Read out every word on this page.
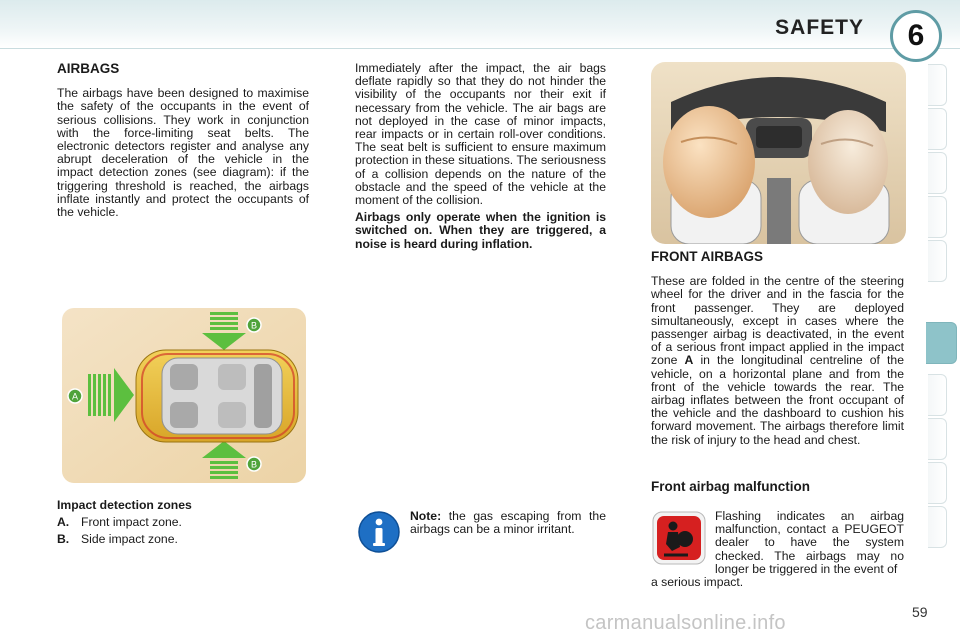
SAFETY	6
AIRBAGS

The airbags have been designed to maximise the safety of the occupants in the event of serious collisions. They work in conjunction with the force-limiting seat belts. The electronic detectors register and analyse any abrupt deceleration of the vehicle in the impact detection zones (see diagram): if the triggering threshold is reached, the airbags inflate instantly and protect the occupants of the vehicle.

A
B
B
Impact detection zones
A. Front impact zone.
B. Side impact zone.

Immediately after the impact, the air bags deflate rapidly so that they do not hinder the visibility of the occupants nor their exit if necessary from the vehicle. The air bags are not deployed in the case of minor impacts, rear impacts or in certain roll-over conditions. The seat belt is sufficient to ensure maximum protection in these situations. The seriousness of a collision depends on the nature of the obstacle and the speed of the vehicle at the moment of the collision.

Airbags only operate when the ignition is switched on. When they are triggered, a noise is heard during inflation.

Note: the gas escaping from the airbags can be a minor irritant.
FRONT AIRBAGS

These are folded in the centre of the steering wheel for the driver and in the fascia for the front passenger. They are deployed simultaneously, except in cases where the passenger airbag is deactivated, in the event of a serious front impact applied in the impact zone A in the longitudinal centreline of the vehicle, on a horizontal plane and from the front of the vehicle towards the rear. The airbag inflates between the front occupant of the vehicle and the dashboard to cushion his forward movement. The airbags therefore limit the risk of injury to the head and chest.

Front airbag malfunction
Flashing indicates an airbag malfunction, contact a PEUGEOT dealer to have the system checked. The airbags may no longer be triggered in the event of
a serious impact.
carmanualsonline.info	59
